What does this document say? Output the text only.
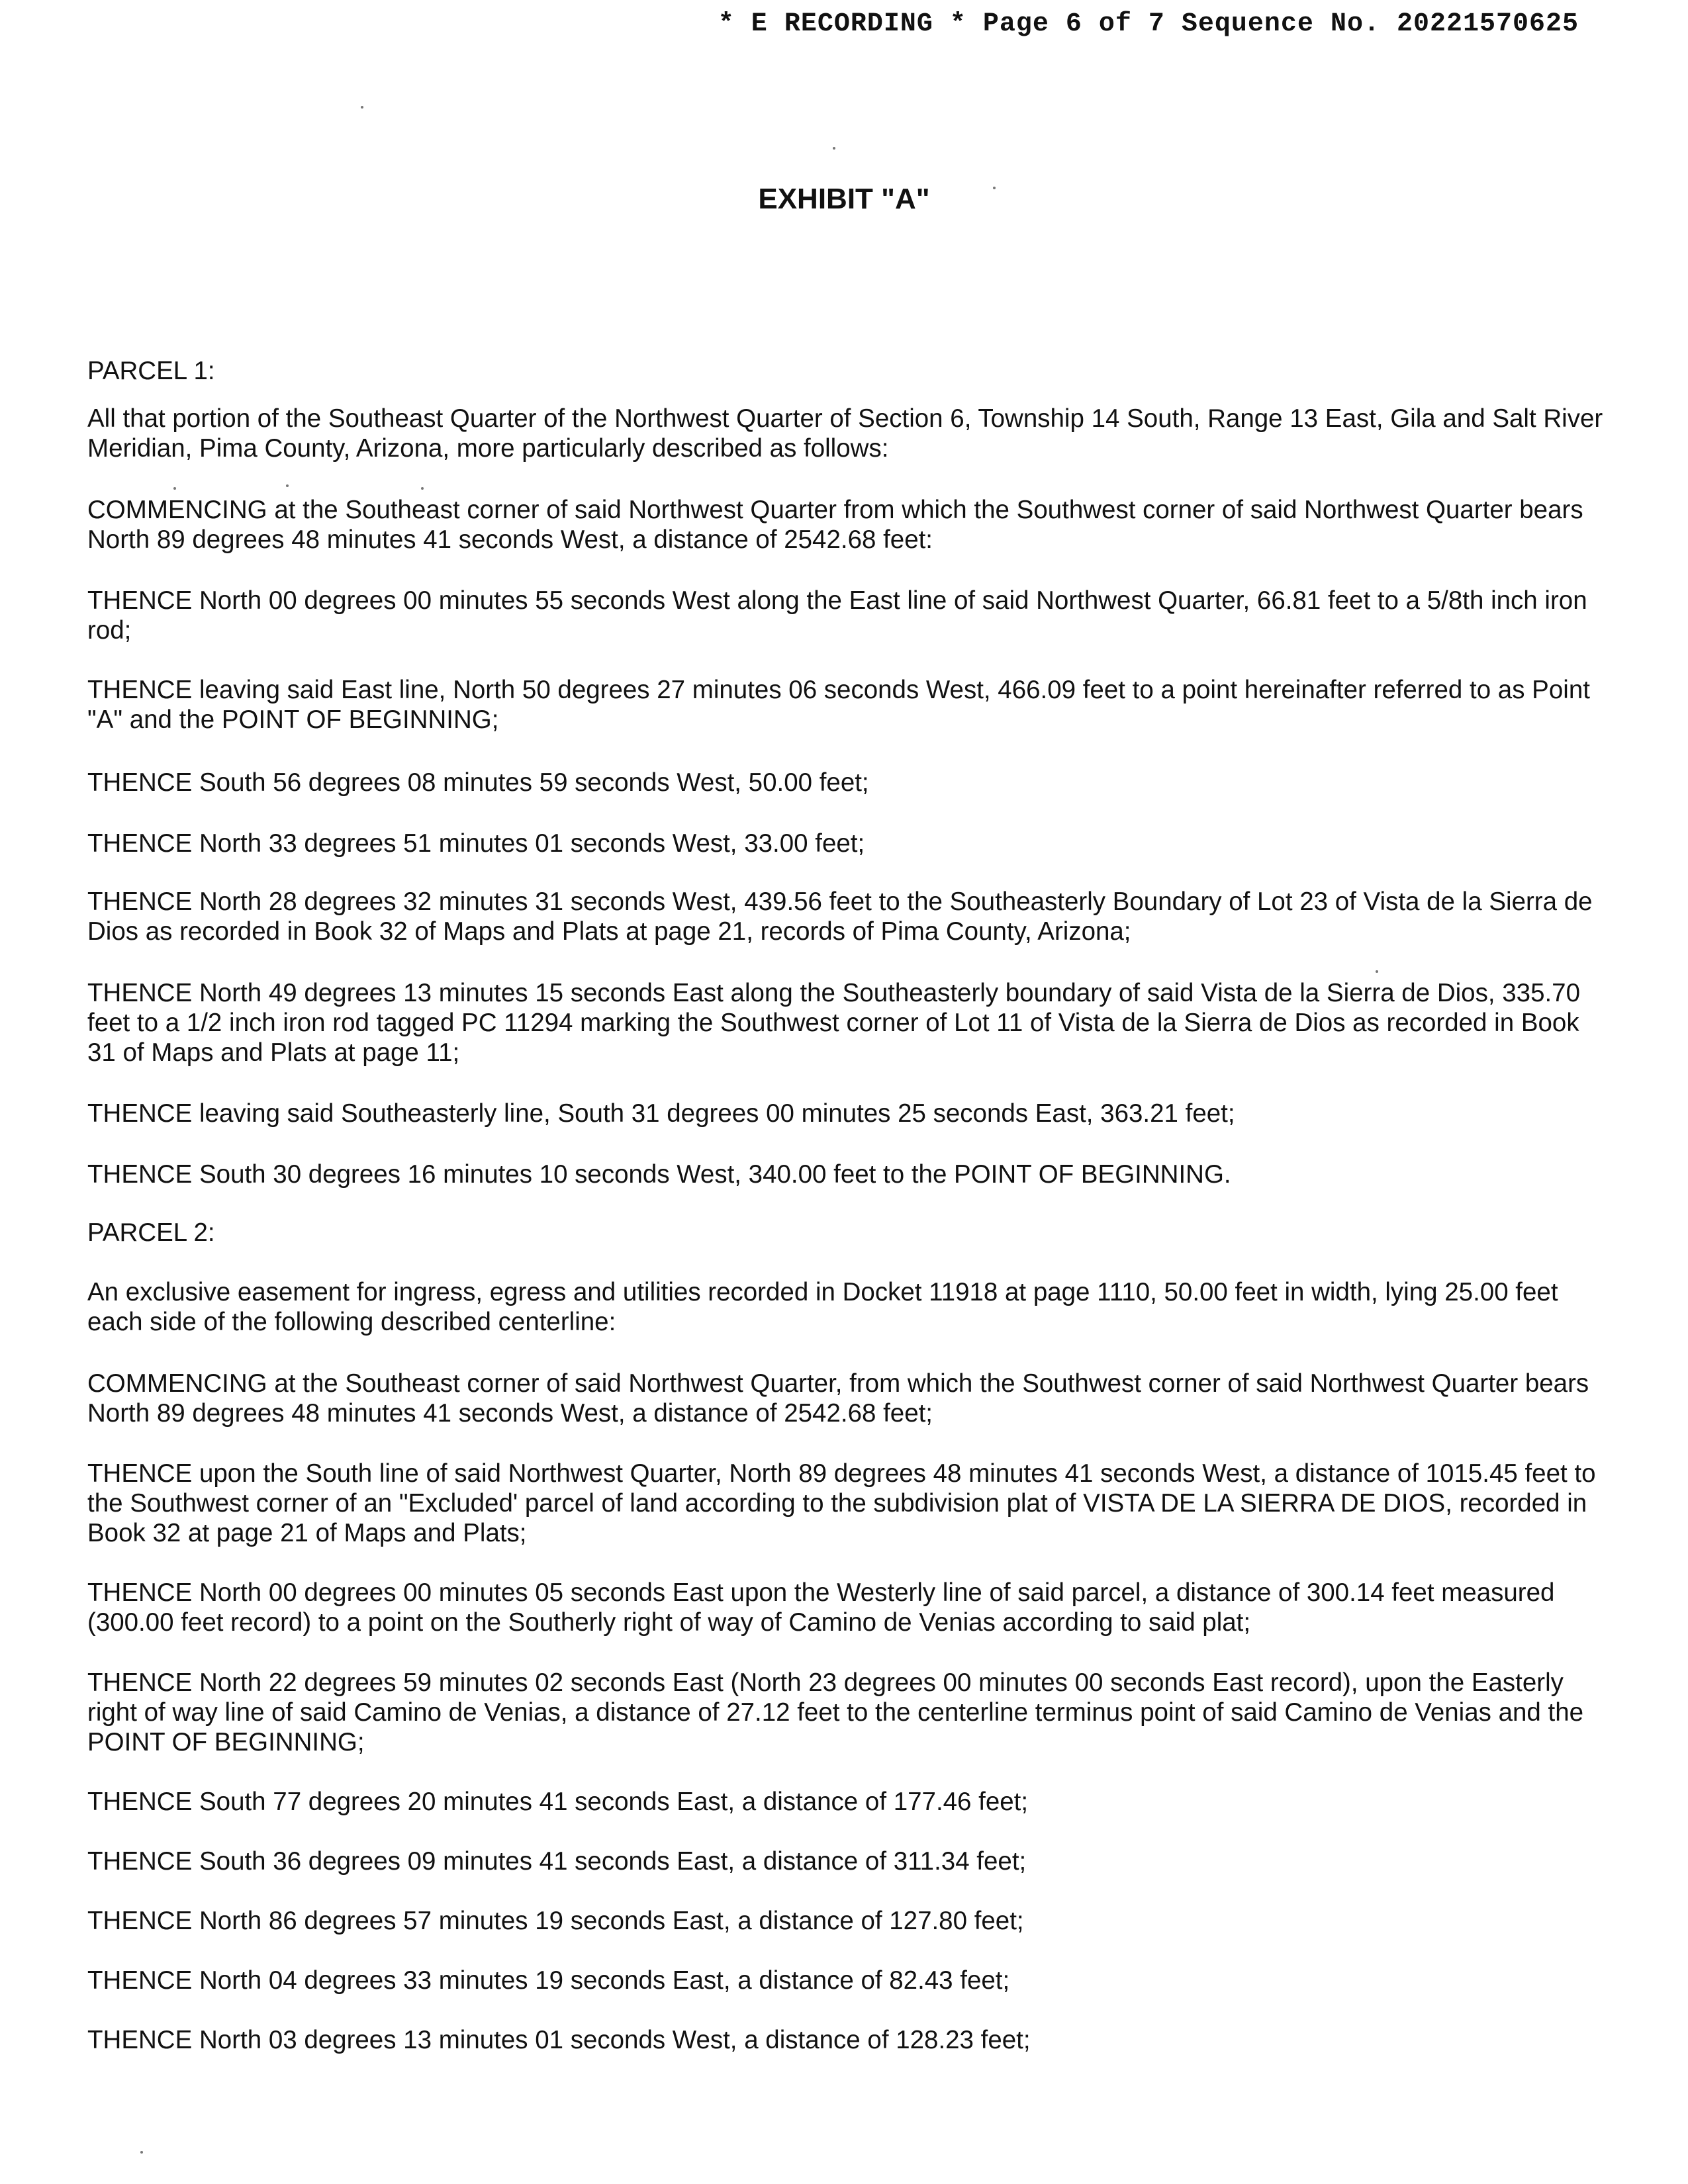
* E RECORDING * Page 6 of 7 Sequence No. 20221570625
EXHIBIT "A"

PARCEL 1:

All that portion of the Southeast Quarter of the Northwest Quarter of Section 6, Township 14 South, Range 13 East, Gila and Salt River Meridian, Pima County, Arizona, more particularly described as follows:

COMMENCING at the Southeast corner of said Northwest Quarter from which the Southwest corner of said Northwest Quarter bears North 89 degrees 48 minutes 41 seconds West, a distance of 2542.68 feet:

THENCE North 00 degrees 00 minutes 55 seconds West along the East line of said Northwest Quarter, 66.81 feet to a 5/8th inch iron rod;

THENCE leaving said East line, North 50 degrees 27 minutes 06 seconds West, 466.09 feet to a point hereinafter referred to as Point "A" and the POINT OF BEGINNING;

THENCE South 56 degrees 08 minutes 59 seconds West, 50.00 feet;

THENCE North 33 degrees 51 minutes 01 seconds West, 33.00 feet;

THENCE North 28 degrees 32 minutes 31 seconds West, 439.56 feet to the Southeasterly Boundary of Lot 23 of Vista de la Sierra de Dios as recorded in Book 32 of Maps and Plats at page 21, records of Pima County, Arizona;

THENCE North 49 degrees 13 minutes 15 seconds East along the Southeasterly boundary of said Vista de la Sierra de Dios, 335.70 feet to a 1/2 inch iron rod tagged PC 11294 marking the Southwest corner of Lot 11 of Vista de la Sierra de Dios as recorded in Book 31 of Maps and Plats at page 11;

THENCE leaving said Southeasterly line, South 31 degrees 00 minutes 25 seconds East, 363.21 feet;

THENCE South 30 degrees 16 minutes 10 seconds West, 340.00 feet to the POINT OF BEGINNING.

PARCEL 2:

An exclusive easement for ingress, egress and utilities recorded in Docket 11918 at page 1110, 50.00 feet in width, lying 25.00 feet each side of the following described centerline:

COMMENCING at the Southeast corner of said Northwest Quarter, from which the Southwest corner of said Northwest Quarter bears North 89 degrees 48 minutes 41 seconds West, a distance of 2542.68 feet;

THENCE upon the South line of said Northwest Quarter, North 89 degrees 48 minutes 41 seconds West, a distance of 1015.45 feet to the Southwest corner of an "Excluded' parcel of land according to the subdivision plat of VISTA DE LA SIERRA DE DIOS, recorded in Book 32 at page 21 of Maps and Plats;

THENCE North 00 degrees 00 minutes 05 seconds East upon the Westerly line of said parcel, a distance of 300.14 feet measured (300.00 feet record) to a point on the Southerly right of way of Camino de Venias according to said plat;

THENCE North 22 degrees 59 minutes 02 seconds East (North 23 degrees 00 minutes 00 seconds East record), upon the Easterly right of way line of said Camino de Venias, a distance of 27.12 feet to the centerline terminus point of said Camino de Venias and the POINT OF BEGINNING;

THENCE South 77 degrees 20 minutes 41 seconds East, a distance of 177.46 feet;

THENCE South 36 degrees 09 minutes 41 seconds East, a distance of 311.34 feet;

THENCE North 86 degrees 57 minutes 19 seconds East, a distance of 127.80 feet;

THENCE North 04 degrees 33 minutes 19 seconds East, a distance of 82.43 feet;

THENCE North 03 degrees 13 minutes 01 seconds West, a distance of 128.23 feet;
